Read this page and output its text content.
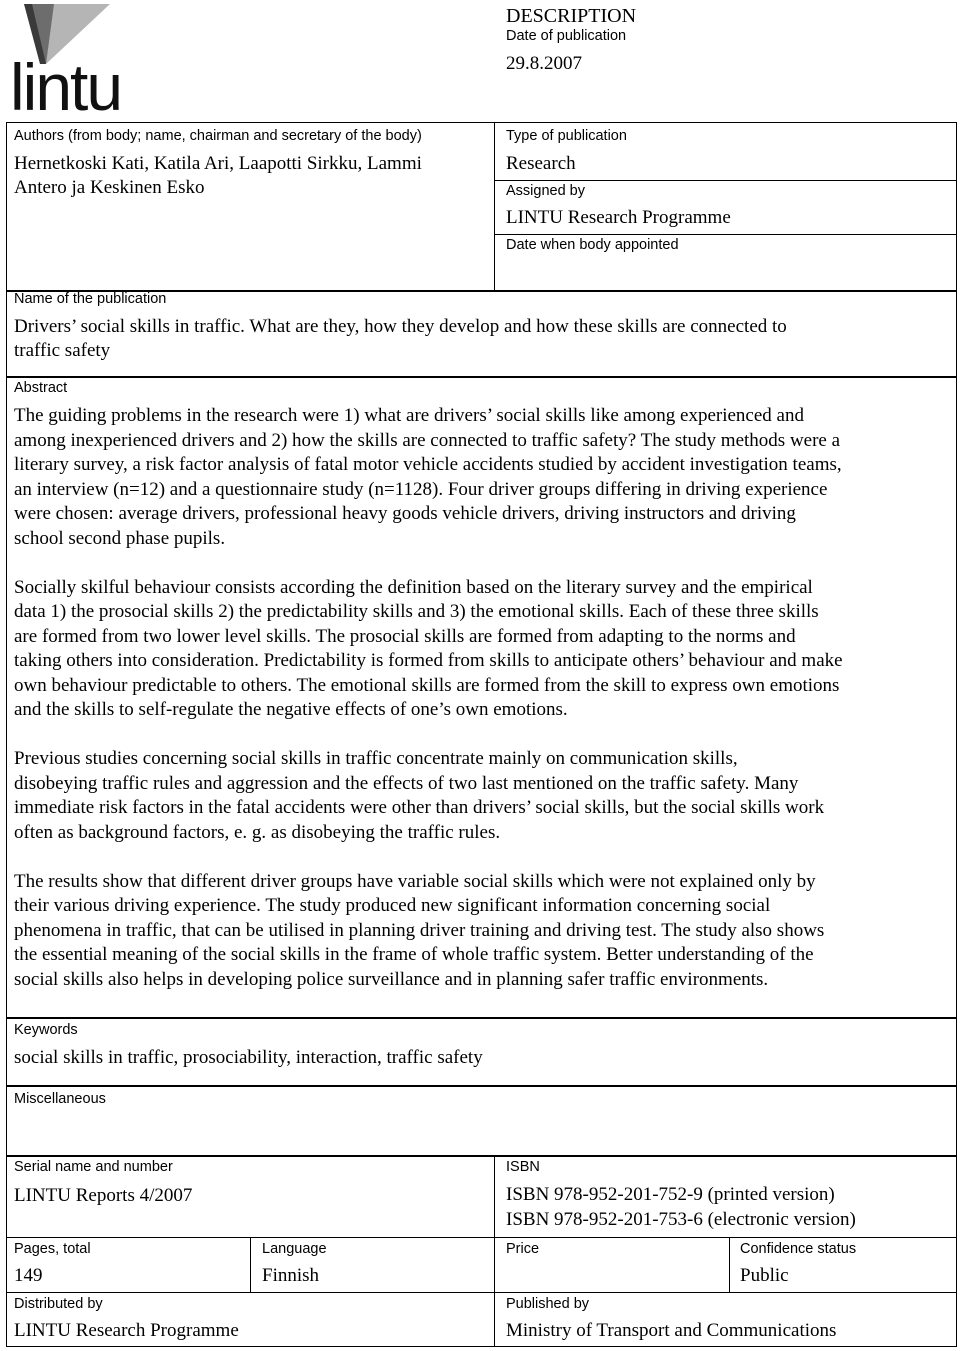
lintu
DESCRIPTION
Date of publication
29.8.2007
Authors (from body; name, chairman and secretary of the body)
Hernetkoski Kati, Katila Ari, Laapotti Sirkku, Lammi
Antero ja Keskinen Esko
Type of publication
Research
Assigned by
LINTU Research Programme
Date when body appointed
Name of the publication
Drivers’ social skills in traffic. What are they, how they develop and how these skills are connected to
traffic safety
Abstract
The guiding problems in the research were 1) what are drivers’ social skills like among experienced and
among inexperienced drivers and 2) how the skills are connected to traffic safety? The study methods were a
literary survey, a risk factor analysis of fatal motor vehicle accidents studied by accident investigation teams,
an interview (n=12) and a questionnaire study (n=1128). Four driver groups differing in driving experience
were chosen: average drivers, professional heavy goods vehicle drivers, driving instructors and driving
school second phase pupils.
Socially skilful behaviour consists according the definition based on the literary survey and the empirical
data 1) the prosocial skills 2) the predictability skills and 3) the emotional skills. Each of these three skills
are formed from two lower level skills. The prosocial skills are formed from adapting to the norms and
taking others into consideration. Predictability is formed from skills to anticipate others’ behaviour and make
own behaviour predictable to others. The emotional skills are formed from the skill to express own emotions
and the skills to self-regulate the negative effects of one’s own emotions.
Previous studies concerning social skills in traffic concentrate mainly on communication skills,
disobeying traffic rules and aggression and the effects of two last mentioned on the traffic safety. Many
immediate risk factors in the fatal accidents were other than drivers’ social skills, but the social skills work
often as background factors, e. g. as disobeying the traffic rules.
The results show that different driver groups have variable social skills which were not explained only by
their various driving experience. The study produced new significant information concerning social
phenomena in traffic, that can be utilised in planning driver training and driving test. The study also shows
the essential meaning of the social skills in the frame of whole traffic system. Better understanding of the
social skills also helps in developing police surveillance and in planning safer traffic environments.
Keywords
social skills in traffic, prosociability, interaction, traffic safety
Miscellaneous
Serial name and number
LINTU Reports 4/2007
ISBN
ISBN 978-952-201-752-9 (printed version)
ISBN 978-952-201-753-6 (electronic version)
Pages, total
149
Language
Finnish
Price	Confidence status
Public
Distributed by
LINTU Research Programme
Published by
Ministry of Transport and Communications
